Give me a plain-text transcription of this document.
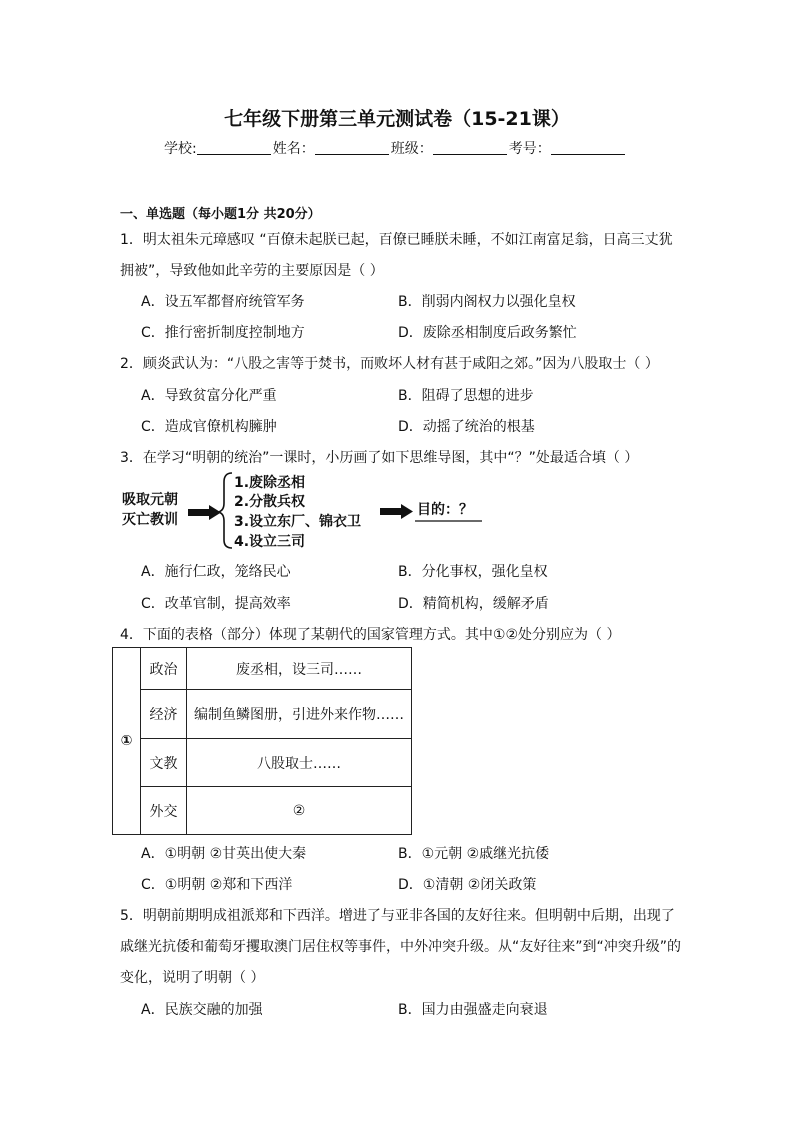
七年级下册第三单元测试卷（15-21课）
学校:	姓名：	班级：	考号：
一、单选题（每小题1分 共20分）
1．明太祖朱元璋感叹 “百僚未起朕已起，百僚已睡朕未睡，不如江南富足翁，日高三丈犹
拥被”，导致他如此辛劳的主要原因是（ ）
A．设五军都督府统管军务	B．削弱内阁权力以强化皇权
C．推行密折制度控制地方	D．废除丞相制度后政务繁忙
2．顾炎武认为：“八股之害等于焚书，而败坏人材有甚于咸阳之郊。”因为八股取士（ ）
A．导致贫富分化严重	B．阻碍了思想的进步
C．造成官僚机构臃肿	D．动摇了统治的根基
3．在学习“明朝的统治”一课时，小历画了如下思维导图，其中“？”处最适合填（ ）
吸取元朝
灭亡教训
1.废除丞相
2.分散兵权
3.设立东厂、锦衣卫
4.设立三司
目的：？
A．施行仁政，笼络民心	B．分化事权，强化皇权
C．改革官制，提高效率	D．精简机构，缓解矛盾
4．下面的表格（部分）体现了某朝代的国家管理方式。其中①②处分别应为（ ）
①	政治	废丞相，设三司……
	经济	编制鱼鳞图册，引进外来作物……
	文教	八股取士……
	外交	②
A．①明朝 ②甘英出使大秦	B．①元朝 ②戚继光抗倭
C．①明朝 ②郑和下西洋	D．①清朝 ②闭关政策
5．明朝前期明成祖派郑和下西洋。增进了与亚非各国的友好往来。但明朝中后期，出现了
戚继光抗倭和葡萄牙攫取澳门居住权等事件，中外冲突升级。从“友好往来”到“冲突升级”的
变化，说明了明朝（ ）
A．民族交融的加强	B．国力由强盛走向衰退
